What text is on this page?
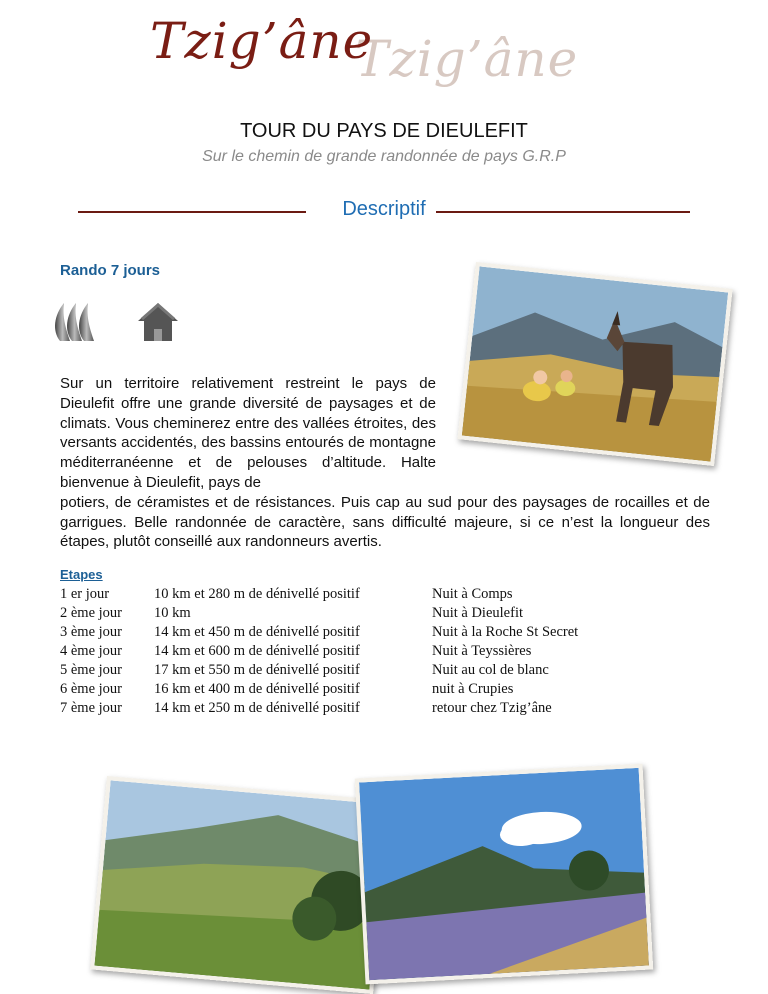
Tzig’âne
Tzig’âne
TOUR DU PAYS DE DIEULEFIT
Sur le chemin de grande randonnée de pays G.R.P
Descriptif
Rando 7 jours
Sur un territoire relativement restreint le pays de Dieulefit offre une grande diversité de paysages et de climats. Vous cheminerez entre des vallées étroites, des versants accidentés, des bassins entourés de montagne méditerranéenne et de pelouses d’altitude. Halte bienvenue à Dieulefit, pays de
potiers, de céramistes et de résistances. Puis cap au sud pour des paysages de rocailles et de garrigues. Belle randonnée de caractère, sans difficulté majeure, si ce n’est la longueur des étapes, plutôt conseillé aux randonneurs avertis.
Etapes
1 er jour	10 km et 280 m de dénivellé positif	Nuit à Comps
2 ème jour 10 km	Nuit à Dieulefit
3 ème jour 14 km et 450 m de dénivellé positif	Nuit à la Roche St Secret
4 ème jour 14 km et 600 m de dénivellé positif	Nuit à Teyssières
5 ème jour 17 km et 550 m de dénivellé positif	Nuit au col de blanc
6 ème jour 16 km et 400 m de dénivellé positif	nuit à Crupies
7 ème jour 14 km et 250 m de dénivellé positif	retour chez Tzig’âne
